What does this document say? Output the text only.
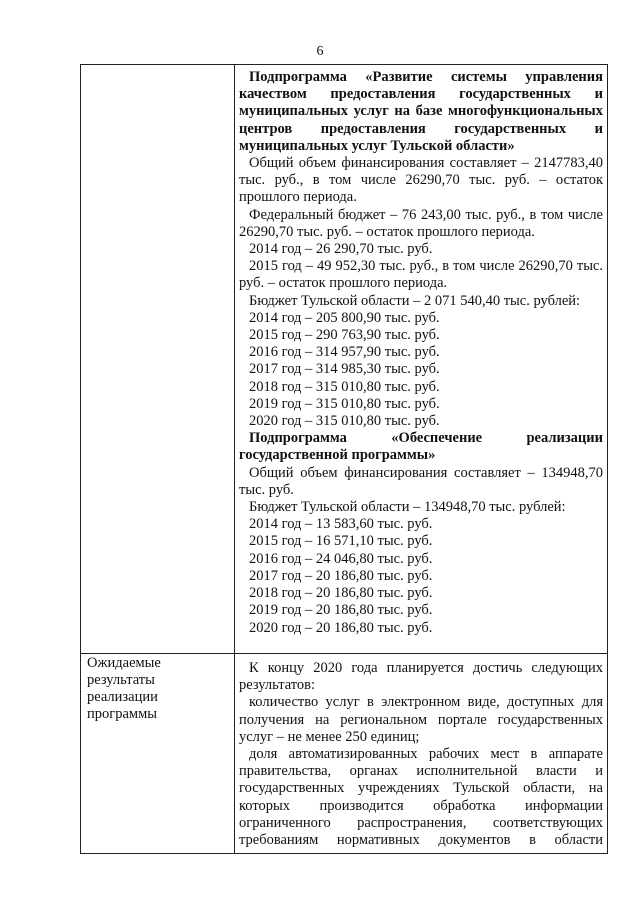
6
Ожидаемые результаты реализации программы

Подпрограмма «Развитие системы управления качеством предоставления государственных и муниципальных услуг на базе многофункциональных центров предоставления государственных и муниципальных услуг Тульской области»

Общий объем финансирования составляет – 2147783,40 тыс. руб., в том числе 26290,70 тыс. руб. – остаток прошлого периода.

Федеральный бюджет – 76 243,00 тыс. руб., в том числе 26290,70 тыс. руб. – остаток прошлого периода.

2014 год – 26 290,70 тыс. руб.

2015 год – 49 952,30 тыс. руб., в том числе 26290,70 тыс. руб. – остаток прошлого периода.

Бюджет Тульской области – 2 071 540,40 тыс. рублей:

2014 год – 205 800,90 тыс. руб.

2015 год – 290 763,90 тыс. руб.

2016 год – 314 957,90 тыс. руб.

2017 год – 314 985,30 тыс. руб.

2018 год – 315 010,80 тыс. руб.

2019 год – 315 010,80 тыс. руб.

2020 год – 315 010,80 тыс. руб.

Подпрограмма «Обеспечение реализации государственной программы»

Общий объем финансирования составляет – 134948,70 тыс. руб.

Бюджет Тульской области – 134948,70 тыс. рублей:

2014 год – 13 583,60 тыс. руб.

2015 год – 16 571,10 тыс. руб.

2016 год – 24 046,80 тыс. руб.

2017 год – 20 186,80 тыс. руб.

2018 год – 20 186,80 тыс. руб.

2019 год – 20 186,80 тыс. руб.

2020 год – 20 186,80 тыс. руб.

К концу 2020 года планируется достичь следующих результатов:

количество услуг в электронном виде, доступных для получения на региональном портале государственных услуг – не менее 250 единиц;

доля автоматизированных рабочих мест в аппарате правительства, органах исполнительной власти и государственных учреждениях Тульской области, на которых производится обработка информации ограниченного распространения, соответствующих требованиям нормативных документов в области
